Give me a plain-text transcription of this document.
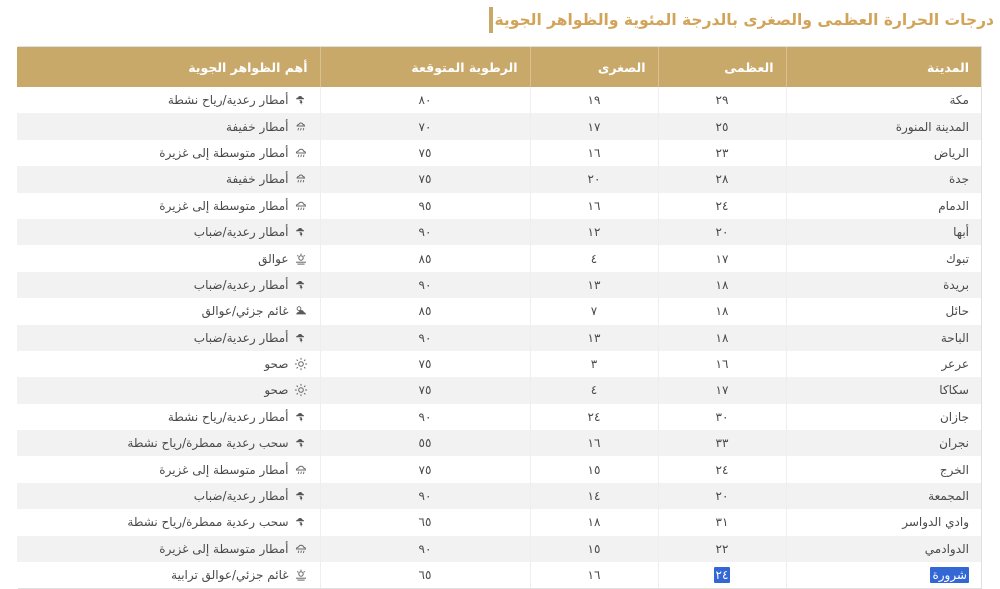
درجات الحرارة العظمى والصغرى بالدرجة المئوية والظواهر الجوية
المدينة	العظمى	الصغرى	الرطوبة المتوقعة	أهم الظواهر الجوية
مكة	٢٩	١٩	٨٠	أمطار رعدية/رياح نشطة

المدينة المنورة	٢٥	١٧	٧٠	أمطار خفيفة

الرياض	٢٣	١٦	٧٥	أمطار متوسطة إلى غزيرة

جدة	٢٨	٢٠	٧٥	أمطار خفيفة

الدمام	٢٤	١٦	٩٥	أمطار متوسطة إلى غزيرة

أبها	٢٠	١٢	٩٠	أمطار رعدية/ضباب

تبوك	١٧	٤	٨٥	عوالق

بريدة	١٨	١٣	٩٠	أمطار رعدية/ضباب

حائل	١٨	٧	٨٥	غائم جزئي/عوالق

الباحة	١٨	١٣	٩٠	أمطار رعدية/ضباب

عرعر	١٦	٣	٧٥	صحو

سكاكا	١٧	٤	٧٥	صحو

جازان	٣٠	٢٤	٩٠	أمطار رعدية/رياح نشطة

نجران	٣٣	١٦	٥٥	سحب رعدية ممطرة/رياح نشطة

الخرج	٢٤	١٥	٧٥	أمطار متوسطة إلى غزيرة

المجمعة	٢٠	١٤	٩٠	أمطار رعدية/ضباب

وادي الدواسر	٣١	١٨	٦٥	سحب رعدية ممطرة/رياح نشطة

الدوادمي	٢٢	١٥	٩٠	أمطار متوسطة إلى غزيرة

شرورة	٢٤	١٦	٦٥	غائم جزئي/عوالق ترابية
